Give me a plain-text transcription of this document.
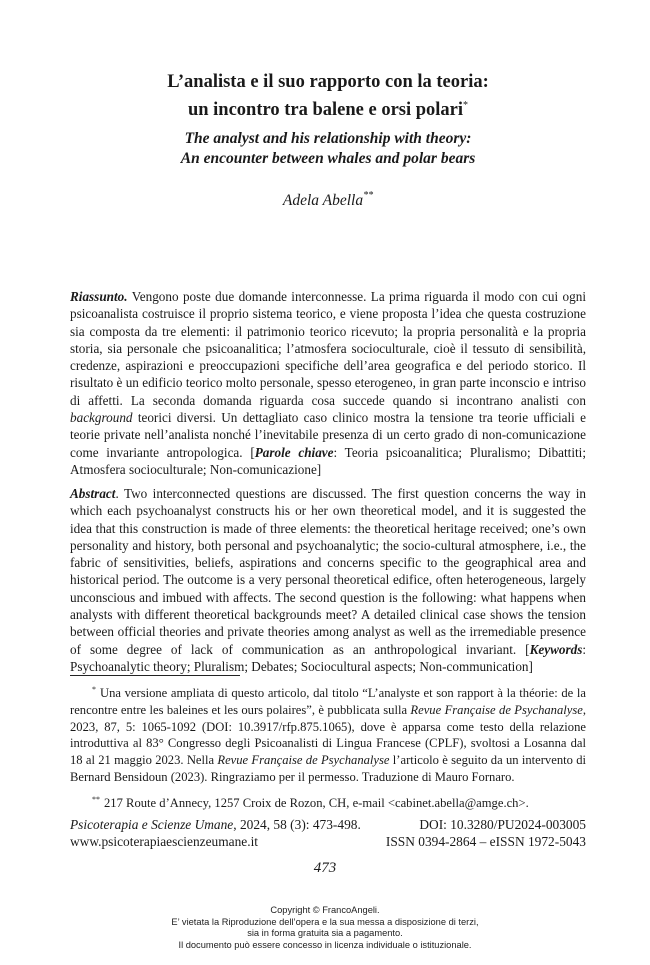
L’analista e il suo rapporto con la teoria:
un incontro tra balene e orsi polari*
The analyst and his relationship with theory:
An encounter between whales and polar bears
Adela Abella**
Riassunto. Vengono poste due domande interconnesse. La prima riguarda il modo con cui ogni psicoanalista costruisce il proprio sistema teorico, e viene proposta l’idea che questa costruzione sia composta da tre elementi: il patrimonio teorico ricevuto; la propria personalità e la propria storia, sia personale che psicoanalitica; l’atmosfera socioculturale, cioè il tessuto di sensibilità, credenze, aspirazioni e preoccupazioni specifiche dell’area geografica e del periodo storico. Il risultato è un edificio teorico molto personale, spesso eterogeneo, in gran parte inconscio e intriso di affetti. La seconda domanda riguarda cosa succede quando si incontrano analisti con background teorici diversi. Un dettagliato caso clinico mostra la tensione tra teorie ufficiali e teorie private nell’analista nonché l’inevitabile presenza di un certo grado di non-comunicazione come invariante antropologica. [Parole chiave: Teoria psicoanalitica; Pluralismo; Dibattiti; Atmosfera socioculturale; Non-comunicazione]
Abstract. Two interconnected questions are discussed. The first question concerns the way in which each psychoanalyst constructs his or her own theoretical model, and it is suggested the idea that this construction is made of three elements: the theoretical heritage received; one’s own personality and history, both personal and psychoanalytic; the socio-cultural atmosphere, i.e., the fabric of sensitivities, beliefs, aspirations and concerns specific to the geographical area and historical period. The outcome is a very personal theoretical edifice, often heterogeneous, largely unconscious and imbued with affects. The second question is the following: what happens when analysts with different theoretical backgrounds meet? A detailed clinical case shows the tension between official theories and private theories among analyst as well as the irremediable presence of some degree of lack of communication as an anthropological invariant. [Keywords: Psychoanalytic theory; Pluralism; Debates; Sociocultural aspects; Non-communication]
* Una versione ampliata di questo articolo, dal titolo “L’analyste et son rapport à la théorie: de la rencontre entre les baleines et les ours polaires”, è pubblicata sulla Revue Française de Psychanalyse, 2023, 87, 5: 1065-1092 (DOI: 10.3917/rfp.875.1065), dove è apparsa come testo della relazione introduttiva al 83° Congresso degli Psicoanalisti di Lingua Francese (CPLF), svoltosi a Losanna dal 18 al 21 maggio 2023. Nella Revue Française de Psychanalyse l’articolo è seguito da un intervento di Bernard Bensidoun (2023). Ringraziamo per il permesso. Traduzione di Mauro Fornaro.
** 217 Route d’Annecy, 1257 Croix de Rozon, CH, e-mail <cabinet.abella@amge.ch>.
Psicoterapia e Scienze Umane, 2024, 58 (3): 473-498.	DOI: 10.3280/PU2024-003005
www.psicoterapiaescienzeumane.it	ISSN 0394-2864 – eISSN 1972-5043
473
Copyright © FrancoAngeli.
E’ vietata la Riproduzione dell’opera e la sua messa a disposizione di terzi,
sia in forma gratuita sia a pagamento.
Il documento può essere concesso in licenza individuale o istituzionale.
